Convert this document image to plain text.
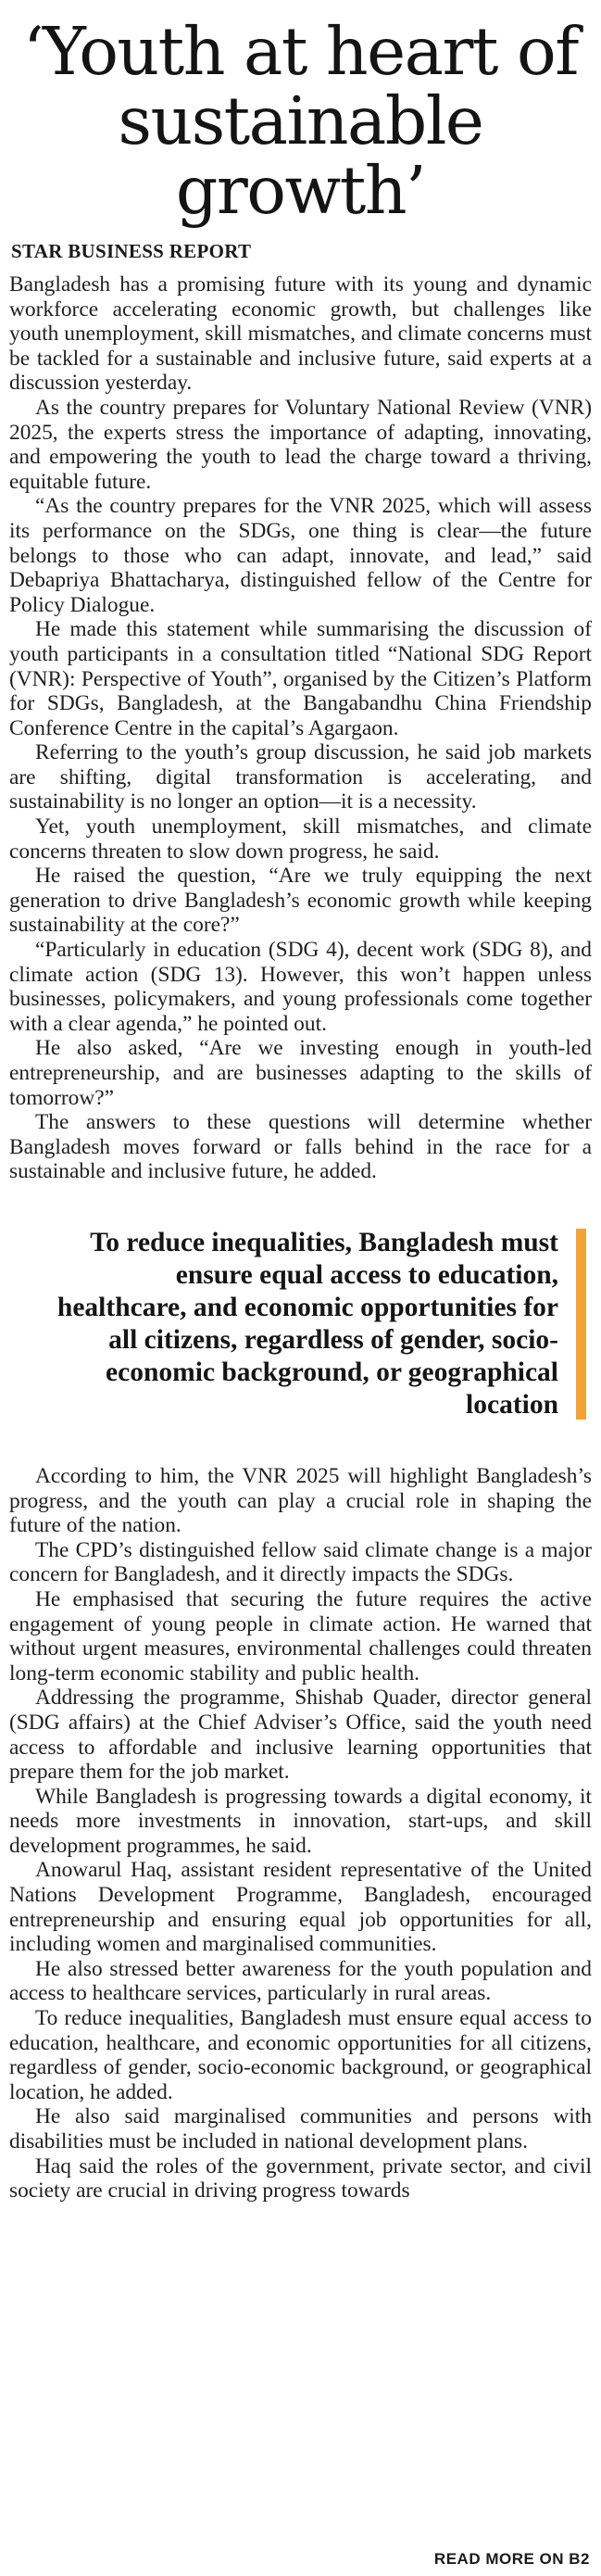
‘Youth at heart of sustainable growth’
STAR BUSINESS REPORT

Bangladesh has a promising future with its young and dynamic workforce accelerating economic growth, but challenges like youth unemployment, skill mismatches, and climate concerns must be tackled for a sustainable and inclusive future, said experts at a discussion yesterday.

As the country prepares for Voluntary National Review (VNR) 2025, the experts stress the importance of adapting, innovating, and empowering the youth to lead the charge toward a thriving, equitable future.

“As the country prepares for the VNR 2025, which will assess its performance on the SDGs, one thing is clear—the future belongs to those who can adapt, innovate, and lead,” said Debapriya Bhattacharya, distinguished fellow of the Centre for Policy Dialogue.

He made this statement while summarising the discussion of youth participants in a consultation titled “National SDG Report (VNR): Perspective of Youth”, organised by the Citizen’s Platform for SDGs, Bangladesh, at the Bangabandhu China Friendship Conference Centre in the capital’s Agargaon.

Referring to the youth’s group discussion, he said job markets are shifting, digital transformation is accelerating, and sustainability is no longer an option—it is a necessity.

Yet, youth unemployment, skill mismatches, and climate concerns threaten to slow down progress, he said.

He raised the question, “Are we truly equipping the next generation to drive Bangladesh’s economic growth while keeping sustainability at the core?”

“Particularly in education (SDG 4), decent work (SDG 8), and climate action (SDG 13). However, this won’t happen unless businesses, policymakers, and young professionals come together with a clear agenda,” he pointed out.

He also asked, “Are we investing enough in youth-led entrepreneurship, and are businesses adapting to the skills of tomorrow?”

The answers to these questions will determine whether Bangladesh moves forward or falls behind in the race for a sustainable and inclusive future, he added.

To reduce inequalities, Bangladesh must ensure equal access to education, healthcare, and economic opportunities for all citizens, regardless of gender, socio-economic background, or geographical location

According to him, the VNR 2025 will highlight Bangladesh’s progress, and the youth can play a crucial role in shaping the future of the nation.

The CPD’s distinguished fellow said climate change is a major concern for Bangladesh, and it directly impacts the SDGs.

He emphasised that securing the future requires the active engagement of young people in climate action. He warned that without urgent measures, environmental challenges could threaten long-term economic stability and public health.

Addressing the programme, Shishab Quader, director general (SDG affairs) at the Chief Adviser’s Office, said the youth need access to affordable and inclusive learning opportunities that prepare them for the job market.

While Bangladesh is progressing towards a digital economy, it needs more investments in innovation, start-ups, and skill development programmes, he said.

Anowarul Haq, assistant resident representative of the United Nations Development Programme, Bangladesh, encouraged entrepreneurship and ensuring equal job opportunities for all, including women and marginalised communities.

He also stressed better awareness for the youth population and access to healthcare services, particularly in rural areas.

To reduce inequalities, Bangladesh must ensure equal access to education, healthcare, and economic opportunities for all citizens, regardless of gender, socio-economic background, or geographical location, he added.

He also said marginalised communities and persons with disabilities must be included in national development plans.

Haq said the roles of the government, private sector, and civil society are crucial in driving progress towards

READ MORE ON B2
